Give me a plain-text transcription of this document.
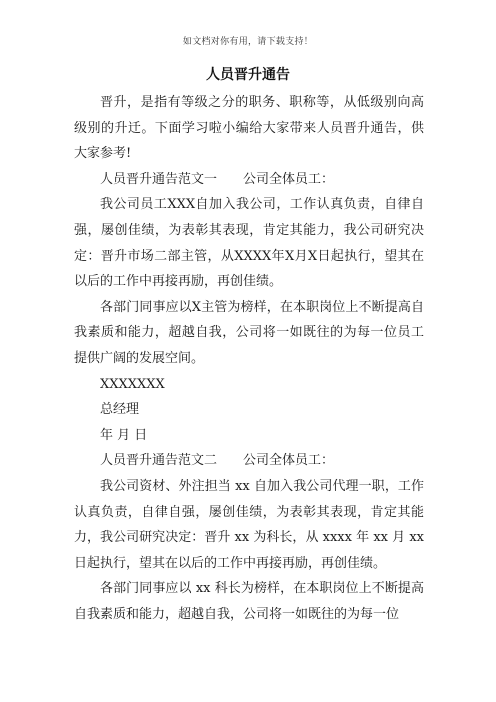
如文档对你有用，请下载支持！
人员晋升通告

晋升，是指有等级之分的职务、职称等，从低级别向高级别的升迁。下面学习啦小编给大家带来人员晋升通告，供大家参考!

人员晋升通告范文一　　公司全体员工：

我公司员工XXX自加入我公司，工作认真负责，自律自强，屡创佳绩，为表彰其表现，肯定其能力，我公司研究决定：晋升市场二部主管，从XXXX年X月X日起执行，望其在以后的工作中再接再励，再创佳绩。

各部门同事应以X主管为榜样，在本职岗位上不断提高自我素质和能力，超越自我，公司将一如既往的为每一位员工提供广阔的发展空间。

XXXXXXX

总经理

年 月 日

人员晋升通告范文二　　公司全体员工：

我公司资材、外注担当 xx 自加入我公司代理一职，工作认真负责，自律自强，屡创佳绩，为表彰其表现，肯定其能力，我公司研究决定：晋升 xx 为科长，从 xxxx 年 xx 月 xx 日起执行，望其在以后的工作中再接再励，再创佳绩。

各部门同事应以 xx 科长为榜样，在本职岗位上不断提高自我素质和能力，超越自我，公司将一如既往的为每一位
